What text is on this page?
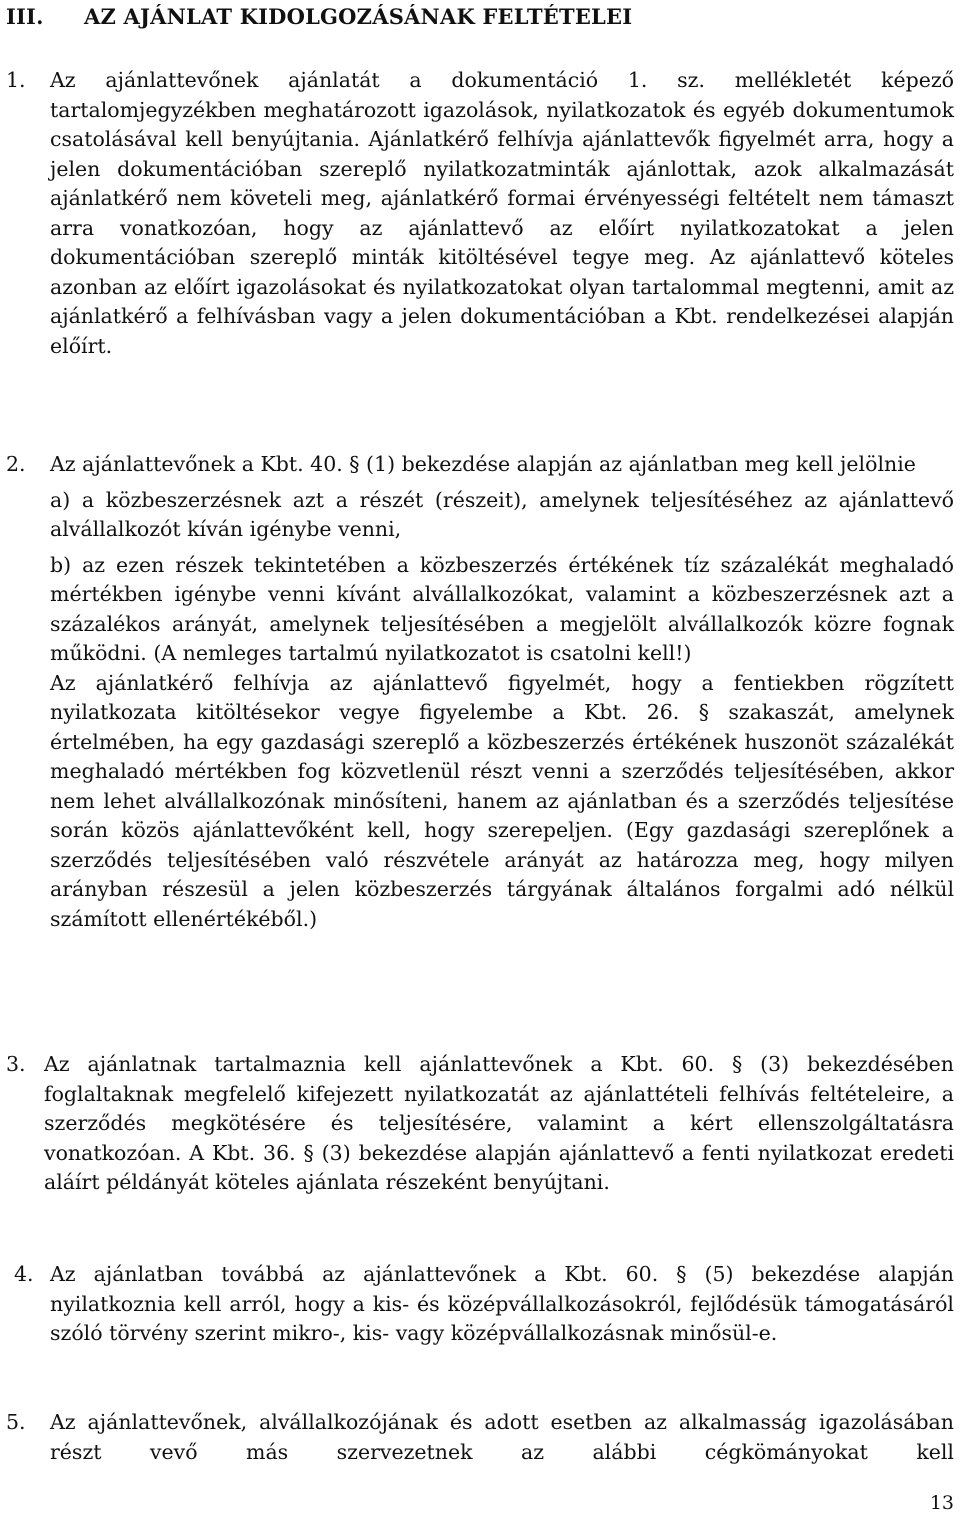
III. AZ AJÁNLAT KIDOLGOZÁSÁNAK FELTÉTELEI
1. Az ajánlattevőnek ajánlatát a dokumentáció 1. sz. mellékletét képező tartalomjegyzékben meghatározott igazolások, nyilatkozatok és egyéb dokumentumok csatolásával kell benyújtania. Ajánlatkérő felhívja ajánlattevők figyelmét arra, hogy a jelen dokumentációban szereplő nyilatkozatminták ajánlottak, azok alkalmazását ajánlatkérő nem követeli meg, ajánlatkérő formai érvényességi feltételt nem támaszt arra vonatkozóan, hogy az ajánlattevő az előírt nyilatkozatokat a jelen dokumentációban szereplő minták kitöltésével tegye meg. Az ajánlattevő köteles azonban az előírt igazolásokat és nyilatkozatokat olyan tartalommal megtenni, amit az ajánlatkérő a felhívásban vagy a jelen dokumentációban a Kbt. rendelkezései alapján előírt.

2. Az ajánlattevőnek a Kbt. 40. § (1) bekezdése alapján az ajánlatban meg kell jelölnie

a) a közbeszerzésnek azt a részét (részeit), amelynek teljesítéséhez az ajánlattevő alvállalkozót kíván igénybe venni,

b) az ezen részek tekintetében a közbeszerzés értékének tíz százalékát meghaladó mértékben igénybe venni kívánt alvállalkozókat, valamint a közbeszerzésnek azt a százalékos arányát, amelynek teljesítésében a megjelölt alvállalkozók közre fognak működni. (A nemleges tartalmú nyilatkozatot is csatolni kell!)

Az ajánlatkérő felhívja az ajánlattevő figyelmét, hogy a fentiekben rögzített nyilatkozata kitöltésekor vegye figyelembe a Kbt. 26. § szakaszát, amelynek értelmében, ha egy gazdasági szereplő a közbeszerzés értékének huszonöt százalékát meghaladó mértékben fog közvetlenül részt venni a szerződés teljesítésében, akkor nem lehet alvállalkozónak minősíteni, hanem az ajánlatban és a szerződés teljesítése során közös ajánlattevőként kell, hogy szerepeljen. (Egy gazdasági szereplőnek a szerződés teljesítésében való részvétele arányát az határozza meg, hogy milyen arányban részesül a jelen közbeszerzés tárgyának általános forgalmi adó nélkül számított ellenértékéből.)

3. Az ajánlatnak tartalmaznia kell ajánlattevőnek a Kbt. 60. § (3) bekezdésében foglaltaknak megfelelő kifejezett nyilatkozatát az ajánlattételi felhívás feltételeire, a szerződés megkötésére és teljesítésére, valamint a kért ellenszolgáltatásra vonatkozóan. A Kbt. 36. § (3) bekezdése alapján ajánlattevő a fenti nyilatkozat eredeti aláírt példányát köteles ajánlata részeként benyújtani.

4. Az ajánlatban továbbá az ajánlattevőnek a Kbt. 60. § (5) bekezdése alapján nyilatkoznia kell arról, hogy a kis- és középvállalkozásokról, fejlődésük támogatásáról szóló törvény szerint mikro-, kis- vagy középvállalkozásnak minősül-e.

5. Az ajánlattevőnek, alvállalkozójának és adott esetben az alkalmasság igazolásában részt vevő más szervezetnek az alábbi cégkömányokat kell

13
